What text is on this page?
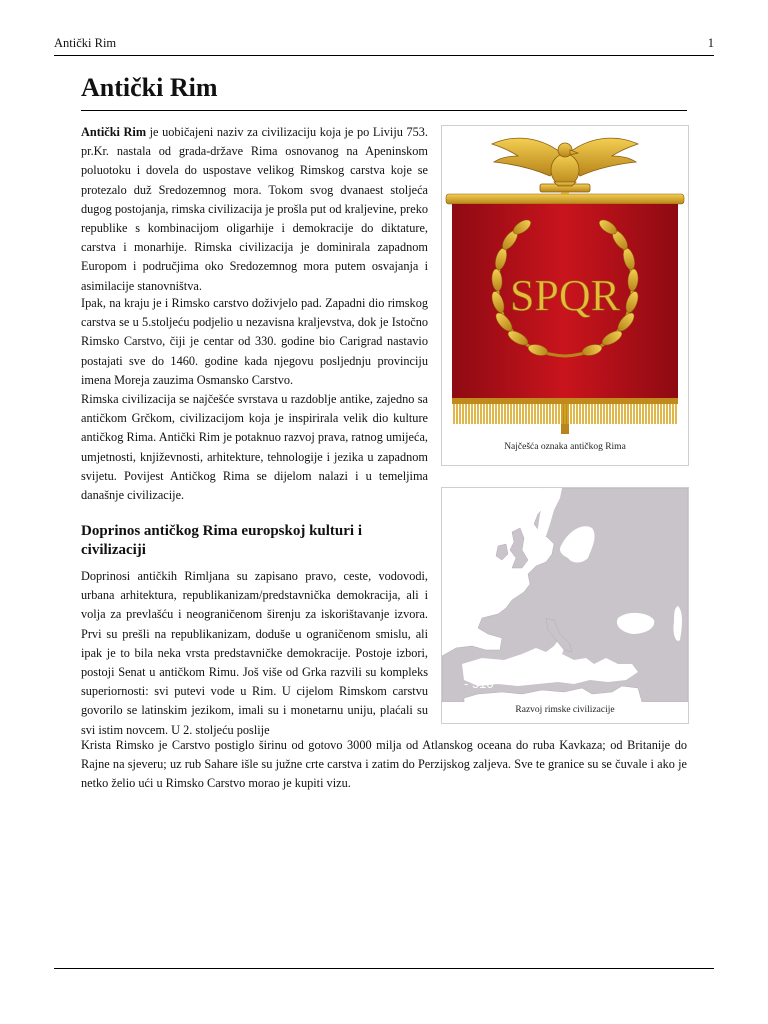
Antički Rim	1
Antički Rim

Antički Rim je uobičajeni naziv za civilizaciju koja je po Liviju 753. pr.Kr. nastala od grada-države Rima osnovanog na Apeninskom poluotoku i dovela do uspostave velikog Rimskog carstva koje se protezalo duž Sredozemnog mora. Tokom svog dvanaest stoljeća dugog postojanja, rimska civilizacija je prošla put od kraljevine, preko republike s kombinacijom oligarhije i demokracije do diktature, carstva i monarhije. Rimska civilizacija je dominirala zapadnom Europom i područjima oko Sredozemnog mora putem osvajanja i asimilacije stanovništva.

Ipak, na kraju je i Rimsko carstvo doživjelo pad. Zapadni dio rimskog carstva se u 5.stoljeću podjelio u nezavisna kraljevstva, dok je Istočno Rimsko Carstvo, čiji je centar od 330. godine bio Carigrad nastavio postajati sve do 1460. godine kada njegovu posljednju provinciju imena Moreja zauzima Osmansko Carstvo.

Rimska civilizacija se najčešće svrstava u razdoblje antike, zajedno sa antičkom Grčkom, civilizacijom koja je inspirirala velik dio kulture antičkog Rima. Antički Rim je potaknuo razvoj prava, ratnog umijeća, umjetnosti, književnosti, arhitekture, tehnologije i jezika u zapadnom svijetu. Povijest Antičkog Rima se dijelom nalazi i u temeljima današnje civilizacije.

Doprinos antičkog Rima europskoj kulturi i civilizaciji

Doprinosi antičkih Rimljana su zapisano pravo, ceste, vodovodi, urbana arhitektura, republikanizam/predstavnička demokracija, ali i volja za prevlašću i neograničenom širenju za iskorištavanje izvora. Prvi su prešli na republikanizam, doduše u ograničenom smislu, ali ipak je to bila neka vrsta predstavničke demokracije. Postoje izbori, postoji Senat u antičkom Rimu. Još više od Grka razvili su kompleks superiornosti: svi putevi vode u Rim. U cijelom Rimskom carstvu govorilo se latinskim jezikom, imali su i monetarnu uniju, plaćali su svi istim novcem. U 2. stoljeću poslije

Krista Rimsko je Carstvo postiglo širinu od gotovo 3000 milja od Atlanskog oceana do ruba Kavkaza; od Britanije do Rajne na sjeveru; uz rub Sahare išle su južne crte carstva i zatim do Perzijskog zaljeva. Sve te granice su se čuvale i ako je netko želio ući u Rimsko Carstvo morao je kupiti vizu.

SPQR
Najčešća oznaka antičkog Rima
- 510
Razvoj rimske civilizacije
